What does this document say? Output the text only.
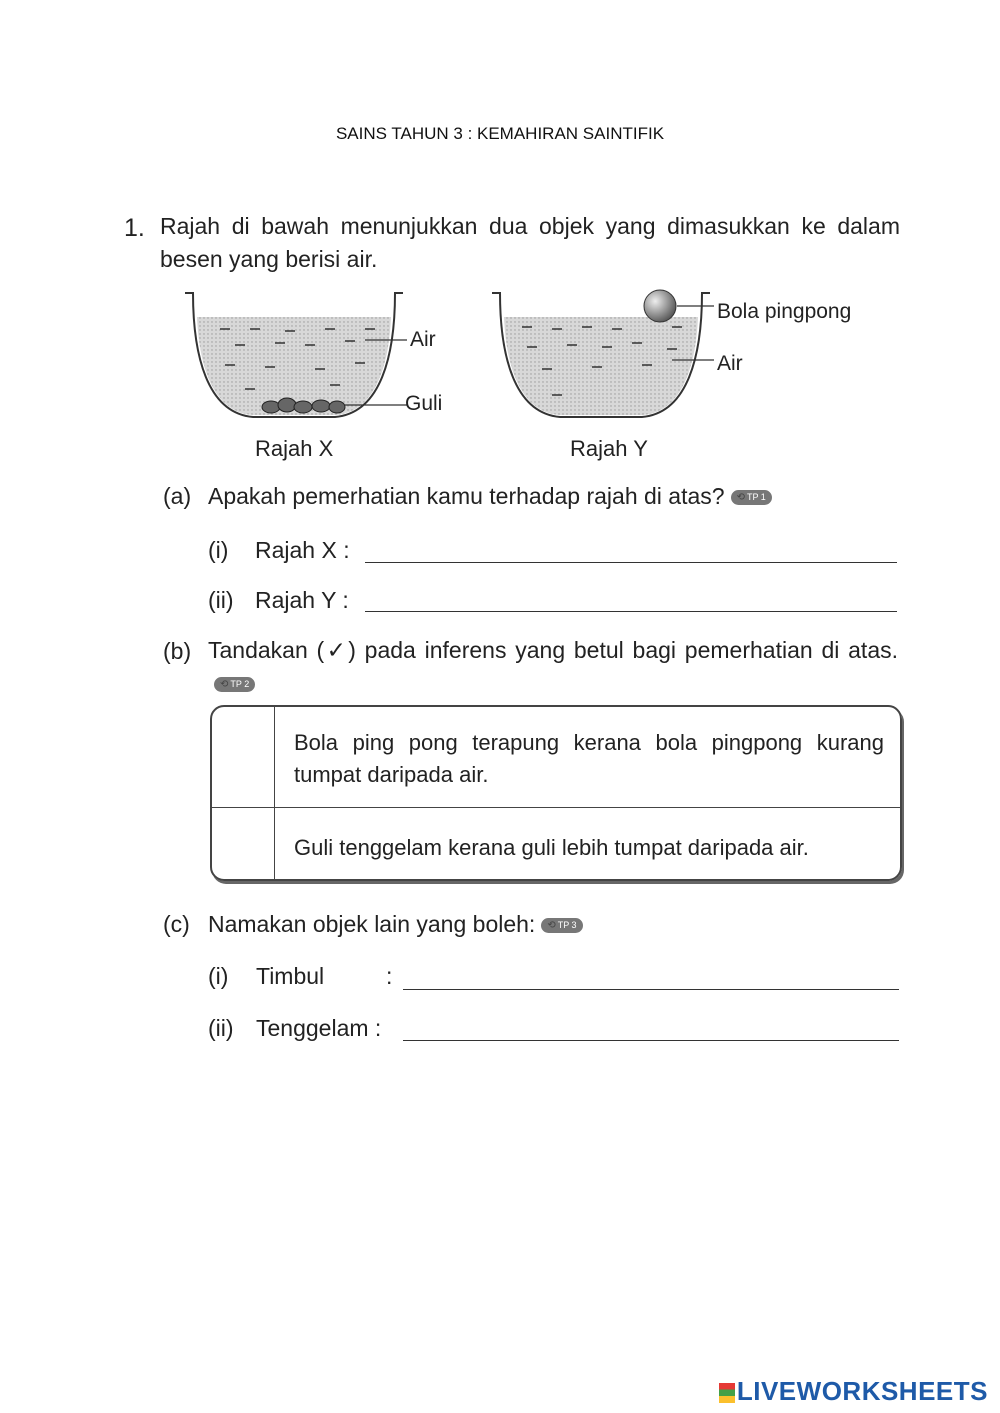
SAINS TAHUN 3 : KEMAHIRAN SAINTIFIK
1. Rajah di bawah menunjukkan dua objek yang dimasukkan ke dalam besen yang berisi air.
Air
Guli
Rajah X
Bola pingpong
Air
Rajah Y
(a) Apakah pemerhatian kamu terhadap rajah di atas? ⟲ TP 1
(i) Rajah X :
(ii) Rajah Y :
(b) Tandakan (✓) pada inferens yang betul bagi pemerhatian di atas.⟲ TP 2
Bola ping pong terapung kerana bola pingpong kurang tumpat daripada air.
Guli tenggelam kerana guli lebih tumpat daripada air.
(c) Namakan objek lain yang boleh: ⟲ TP 3
(i) Timbul	:
(ii) Tenggelam :
LIVEWORKSHEETS
